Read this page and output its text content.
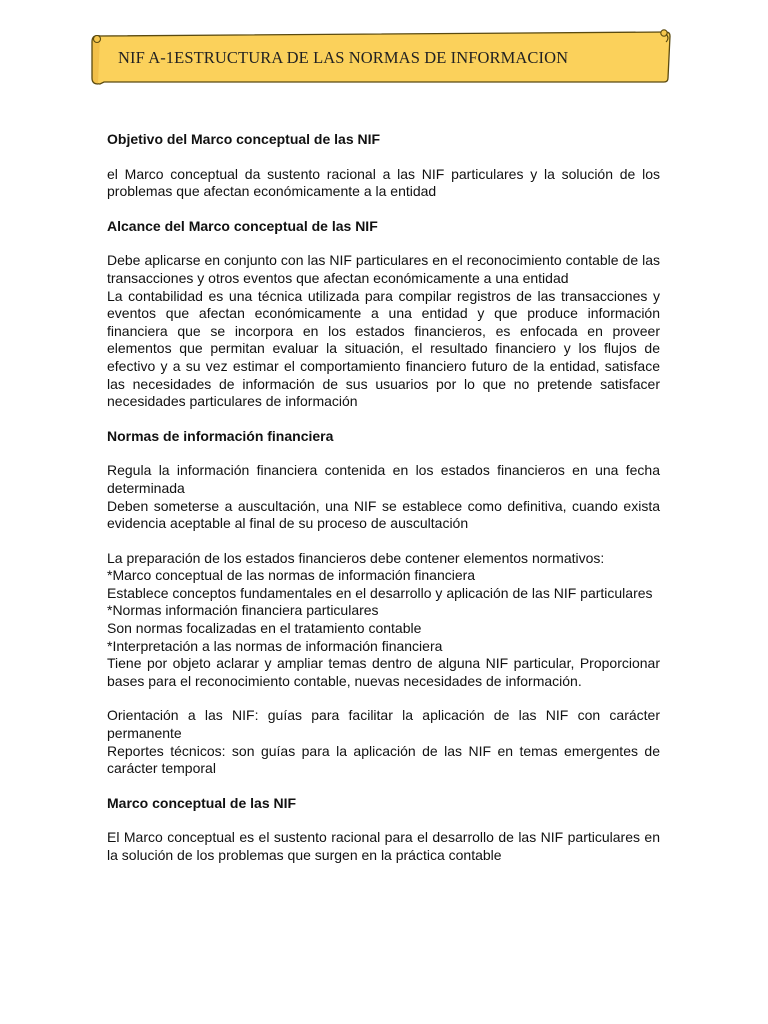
NIF A-1ESTRUCTURA DE LAS NORMAS DE INFORMACION

Objetivo del Marco conceptual de las NIF

el Marco conceptual da sustento racional a las NIF particulares y la solución de los problemas que afectan económicamente a la entidad

Alcance del Marco conceptual de las NIF

Debe aplicarse en conjunto con las NIF particulares en el reconocimiento contable de las transacciones y otros eventos que afectan económicamente a una entidad

La contabilidad es una técnica utilizada para compilar registros de las transacciones y eventos que afectan económicamente a una entidad y que produce información financiera que se incorpora en los estados financieros, es enfocada en proveer elementos que permitan evaluar la situación, el resultado financiero y los flujos de efectivo y a su vez estimar el comportamiento financiero futuro de la entidad, satisface las necesidades de información de sus usuarios por lo que no pretende satisfacer necesidades particulares de información

Normas de información financiera

Regula la información financiera contenida en los estados financieros en una fecha determinada

Deben someterse a auscultación, una NIF se establece como definitiva, cuando exista evidencia aceptable al final de su proceso de auscultación

La preparación de los estados financieros debe contener elementos normativos:

*Marco conceptual de las normas de información financiera

Establece conceptos fundamentales en el desarrollo y aplicación de las NIF particulares

*Normas información financiera particulares

Son normas focalizadas en el tratamiento contable

*Interpretación a las normas de información financiera

Tiene por objeto aclarar y ampliar temas dentro de alguna NIF particular, Proporcionar bases para el reconocimiento contable, nuevas necesidades de información.

Orientación a las NIF: guías para facilitar la aplicación de las NIF con carácter permanente

Reportes técnicos: son guías para la aplicación de las NIF en temas emergentes de carácter temporal

Marco conceptual de las NIF

El Marco conceptual es el sustento racional para el desarrollo de las NIF particulares en la solución de los problemas que surgen en la práctica contable
